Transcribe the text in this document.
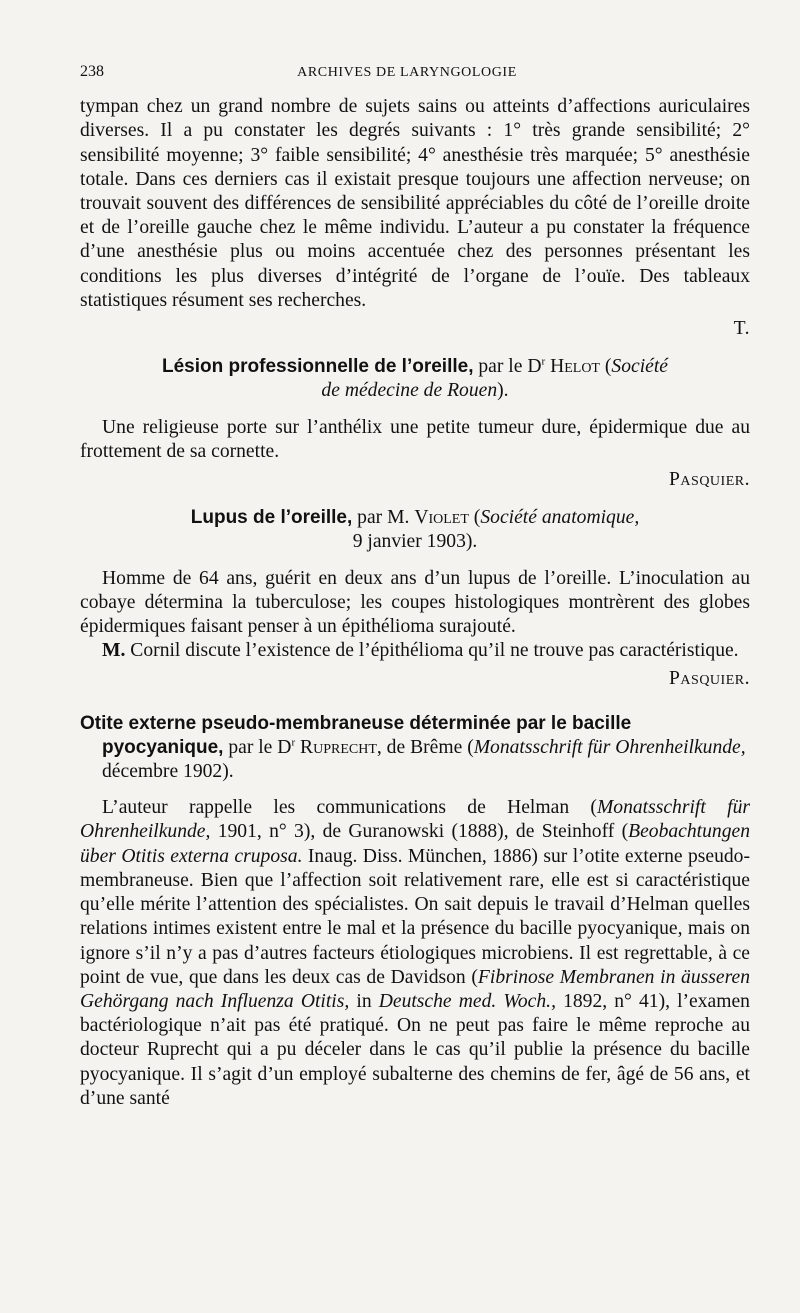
238	ARCHIVES DE LARYNGOLOGIE

tympan chez un grand nombre de sujets sains ou atteints d’affections auriculaires diverses. Il a pu constater les degrés suivants : 1° très grande sensibilité; 2° sensibilité moyenne; 3° faible sensibilité; 4° anesthésie très marquée; 5° anesthésie totale. Dans ces derniers cas il existait presque toujours une affection nerveuse; on trouvait souvent des différences de sensibilité appréciables du côté de l’oreille droite et de l’oreille gauche chez le même individu. L’auteur a pu constater la fréquence d’une anesthésie plus ou moins accentuée chez des personnes présentant les conditions les plus diverses d’intégrité de l’organe de l’ouïe. Des tableaux statistiques résument ses recherches.

T.

Lésion professionnelle de l’oreille, par le $D^r$ Helot (Société
de médecine de Rouen).

Une religieuse porte sur l’anthélix une petite tumeur dure, épidermique due au frottement de sa cornette.

Pasquier.

Lupus de l’oreille, par M. Violet (Société anatomique,
9 janvier 1903).

Homme de 64 ans, guérit en deux ans d’un lupus de l’oreille. L’inoculation au cobaye détermina la tuberculose; les coupes histologiques montrèrent des globes épidermiques faisant penser à un épithélioma surajouté.

M. Cornil discute l’existence de l’épithélioma qu’il ne trouve pas caractéristique.

Pasquier.

Otite externe pseudo-membraneuse déterminée par le bacille
pyocyanique, par le $D^r$ Ruprecht, de Brême (Monatsschrift für Ohrenheilkunde, décembre 1902).

L’auteur rappelle les communications de Helman (Monatsschrift für Ohrenheilkunde, 1901, n° 3), de Guranowski (1888), de Steinhoff (Beobachtungen über Otitis externa cruposa. Inaug. Diss. München, 1886) sur l’otite externe pseudo-membraneuse. Bien que l’affection soit relativement rare, elle est si caractéristique qu’elle mérite l’attention des spécialistes. On sait depuis le travail d’Helman quelles relations intimes existent entre le mal et la présence du bacille pyocyanique, mais on ignore s’il n’y a pas d’autres facteurs étiologiques microbiens. Il est regrettable, à ce point de vue, que dans les deux cas de Davidson (Fibrinose Membranen in äusseren Gehörgang nach Influenza Otitis, in Deutsche med. Woch., 1892, n° 41), l’examen bactériologique n’ait pas été pratiqué. On ne peut pas faire le même reproche au docteur Ruprecht qui a pu déceler dans le cas qu’il publie la présence du bacille pyocyanique. Il s’agit d’un employé subalterne des chemins de fer, âgé de 56 ans, et d’une santé
